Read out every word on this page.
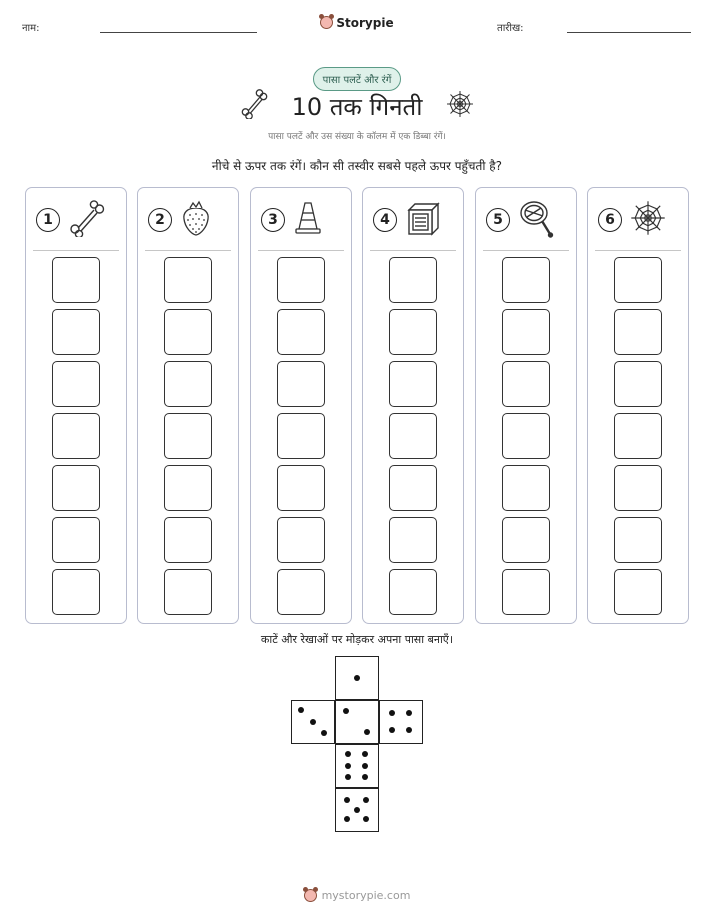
नाम:	Storypie	तारीख:
पासा पलटें और रंगें
10 तक गिनती
पासा पलटें और उस संख्या के कॉलम में एक डिब्बा रंगें।
नीचे से ऊपर तक रंगें। कौन सी तस्वीर सबसे पहले ऊपर पहुँचती है?
1	2	3	4	5	6
काटें और रेखाओं पर मोड़कर अपना पासा बनाएँ।
mystorypie.com
